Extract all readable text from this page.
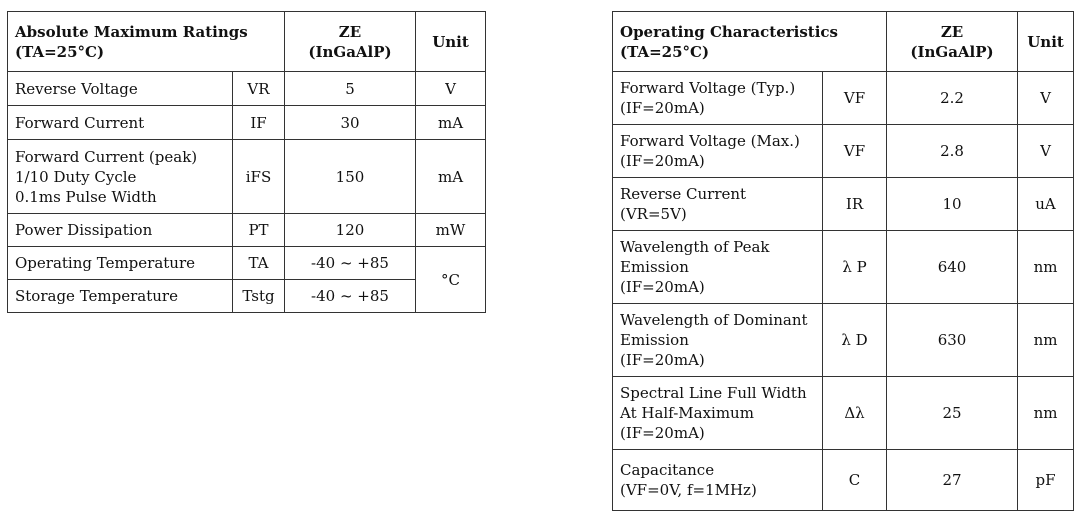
Absolute Maximum Ratings
(TA=25°C)		ZE
(InGaAlP)	Unit
Reverse Voltage	VR	5	V
Forward Current	IF	30	mA
Forward Current (peak)
1/10 Duty Cycle
0.1ms Pulse Width	iFS	150	mA
Power Dissipation	PT	120	mW
Operating Temperature	TA	-40 ~ +85	°C
Storage Temperature	Tstg	-40 ~ +85	
Operating Characteristics
(TA=25°C)		ZE
(InGaAlP)	Unit
Forward Voltage (Typ.)
(IF=20mA)	VF	2.2	V
Forward Voltage (Max.)
(IF=20mA)	VF	2.8	V
Reverse Current
(VR=5V)	IR	10	uA
Wavelength of Peak
Emission
(IF=20mA)	λ P	640	nm
Wavelength of Dominant
Emission
(IF=20mA)	λ D	630	nm
Spectral Line Full Width
At Half-Maximum
(IF=20mA)	Δλ	25	nm
Capacitance
(VF=0V, f=1MHz)	C	27	pF
